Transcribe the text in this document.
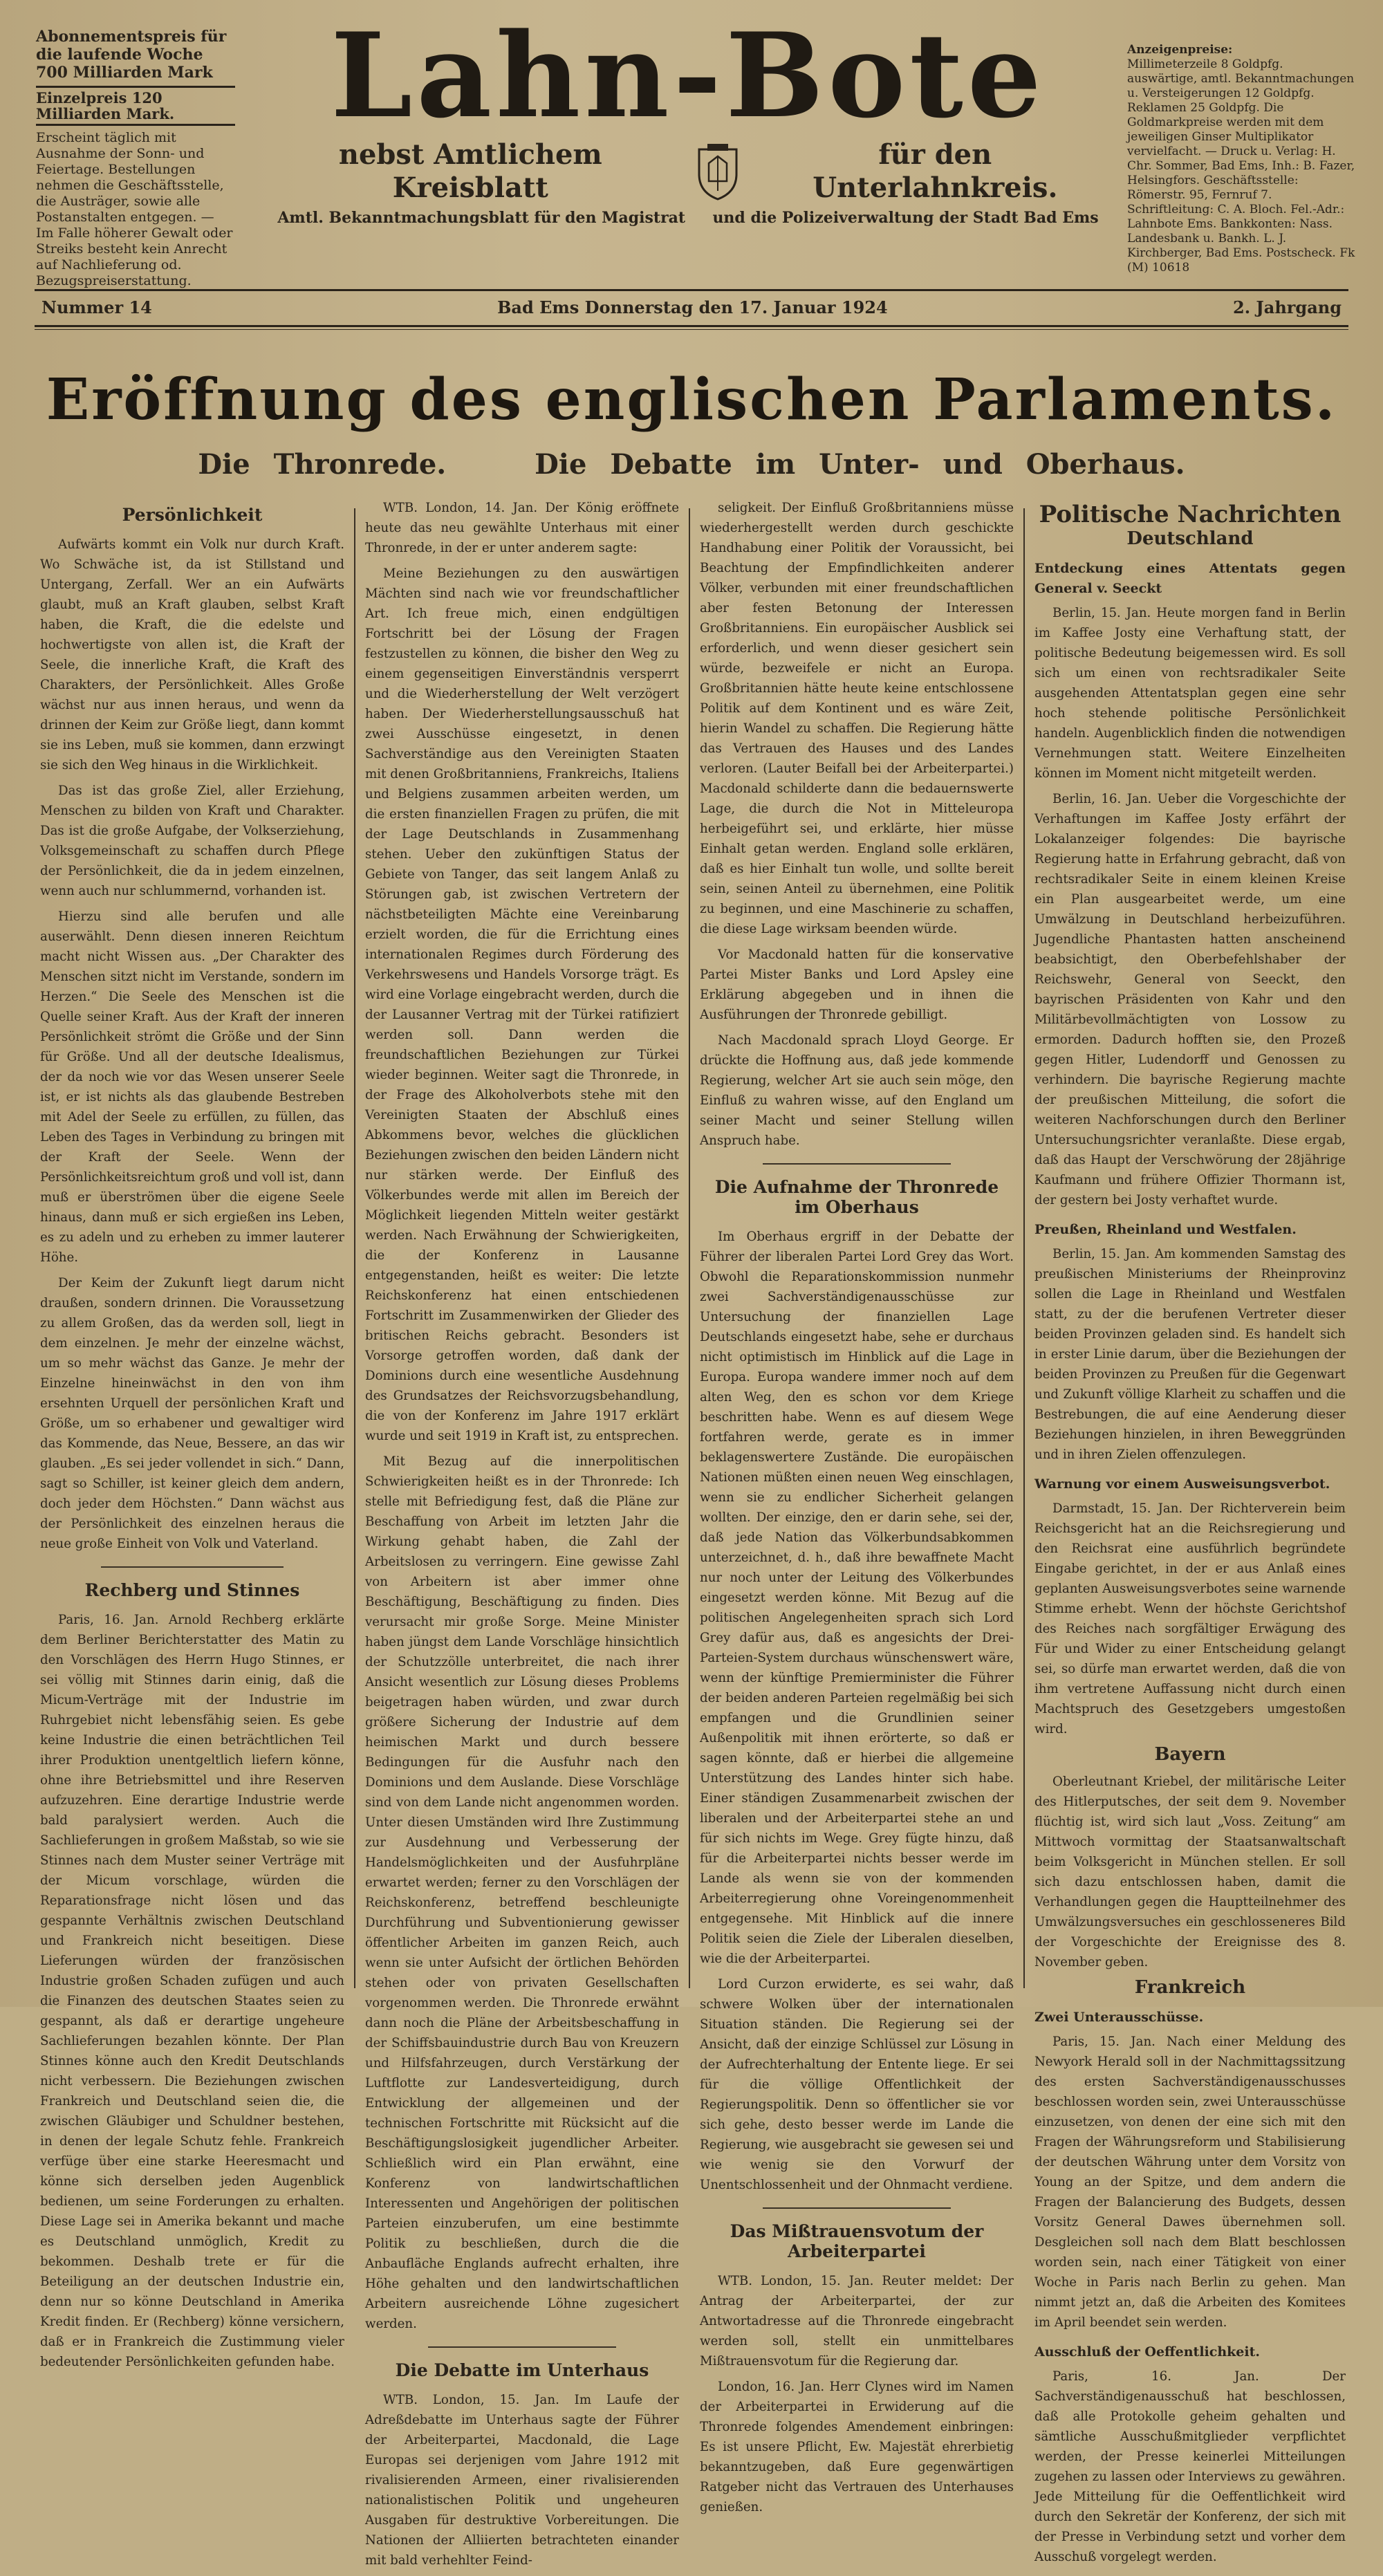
Abonnementspreis für die laufende Woche
700 Milliarden Mark
Einzelpreis 120 Milliarden Mark.
Erscheint täglich mit Ausnahme der Sonn- und Feiertage. Bestellungen nehmen die Geschäftsstelle, die Austräger, sowie alle Postanstalten entgegen. — Im Falle höherer Gewalt oder Streiks besteht kein Anrecht auf Nachlieferung od. Bezugspreiserstattung.
Lahn-Bote
nebst Amtlichem Kreisblatt
für den Unterlahnkreis.
Amtl. Bekanntmachungsblatt für den Magistrat und die Polizeiverwaltung der Stadt Bad Ems
Anzeigenpreise:
Millimeterzeile 8 Goldpfg. auswärtige, amtl. Bekanntmachungen u. Versteigerungen 12 Goldpfg. Reklamen 25 Goldpfg. Die Goldmarkpreise werden mit dem jeweiligen Ginser Multiplikator vervielfacht. — Druck u. Verlag: H. Chr. Sommer, Bad Ems, Inh.: B. Fazer, Helsingfors. Geschäftsstelle: Römerstr. 95, Fernruf 7. Schriftleitung: C. A. Bloch. Fel.-Adr.: Lahnbote Ems. Bankkonten: Nass. Landesbank u. Bankh. L. J. Kirchberger, Bad Ems. Postscheck. Fk (M) 10618
Nummer 14	Bad Ems Donnerstag den 17. Januar 1924	2. Jahrgang
Eröffnung des englischen Parlaments.
Die Thronrede.	Die Debatte im Unter- und Oberhaus.
Persönlichkeit

Aufwärts kommt ein Volk nur durch Kraft. Wo Schwäche ist, da ist Stillstand und Untergang, Zerfall. Wer an ein Aufwärts glaubt, muß an Kraft glauben, selbst Kraft haben, die Kraft, die die edelste und hochwertigste von allen ist, die Kraft der Seele, die innerliche Kraft, die Kraft des Charakters, der Persönlichkeit. Alles Große wächst nur aus innen heraus, und wenn da drinnen der Keim zur Größe liegt, dann kommt sie ins Leben, muß sie kommen, dann erzwingt sie sich den Weg hinaus in die Wirklichkeit.

Das ist das große Ziel, aller Erziehung, Menschen zu bilden von Kraft und Charakter. Das ist die große Aufgabe, der Volkserziehung, Volksgemeinschaft zu schaffen durch Pflege der Persönlichkeit, die da in jedem einzelnen, wenn auch nur schlummernd, vorhanden ist.

Hierzu sind alle berufen und alle auserwählt. Denn diesen inneren Reichtum macht nicht Wissen aus. „Der Charakter des Menschen sitzt nicht im Verstande, sondern im Herzen.“ Die Seele des Menschen ist die Quelle seiner Kraft. Aus der Kraft der inneren Persönlichkeit strömt die Größe und der Sinn für Größe. Und all der deutsche Idealismus, der da noch wie vor das Wesen unserer Seele ist, er ist nichts als das glaubende Bestreben mit Adel der Seele zu erfüllen, zu füllen, das Leben des Tages in Verbindung zu bringen mit der Kraft der Seele. Wenn der Persönlichkeitsreichtum groß und voll ist, dann muß er überströmen über die eigene Seele hinaus, dann muß er sich ergießen ins Leben, es zu adeln und zu erheben zu immer lauterer Höhe.

Der Keim der Zukunft liegt darum nicht draußen, sondern drinnen. Die Voraussetzung zu allem Großen, das da werden soll, liegt in dem einzelnen. Je mehr der einzelne wächst, um so mehr wächst das Ganze. Je mehr der Einzelne hineinwächst in den von ihm ersehnten Urquell der persönlichen Kraft und Größe, um so erhabener und gewaltiger wird das Kommende, das Neue, Bessere, an das wir glauben. „Es sei jeder vollendet in sich.“ Dann, sagt so Schiller, ist keiner gleich dem andern, doch jeder dem Höchsten.“ Dann wächst aus der Persönlichkeit des einzelnen heraus die neue große Einheit von Volk und Vaterland.

Rechberg und Stinnes

Paris, 16. Jan. Arnold Rechberg erklärte dem Berliner Berichterstatter des Matin zu den Vorschlägen des Herrn Hugo Stinnes, er sei völlig mit Stinnes darin einig, daß die Micum-Verträge mit der Industrie im Ruhrgebiet nicht lebensfähig seien. Es gebe keine Industrie die einen beträchtlichen Teil ihrer Produktion unentgeltlich liefern könne, ohne ihre Betriebsmittel und ihre Reserven aufzuzehren. Eine derartige Industrie werde bald paralysiert werden. Auch die Sachlieferungen in großem Maßstab, so wie sie Stinnes nach dem Muster seiner Verträge mit der Micum vorschlage, würden die Reparationsfrage nicht lösen und das gespannte Verhältnis zwischen Deutschland und Frankreich nicht beseitigen. Diese Lieferungen würden der französischen Industrie großen Schaden zufügen und auch die Finanzen des deutschen Staates seien zu gespannt, als daß er derartige ungeheure Sachlieferungen bezahlen könnte. Der Plan Stinnes könne auch den Kredit Deutschlands nicht verbessern. Die Beziehungen zwischen Frankreich und Deutschland seien die, die zwischen Gläubiger und Schuldner bestehen, in denen der legale Schutz fehle. Frankreich verfüge über eine starke Heeresmacht und könne sich derselben jeden Augenblick bedienen, um seine Forderungen zu erhalten. Diese Lage sei in Amerika bekannt und mache es Deutschland unmöglich, Kredit zu bekommen. Deshalb trete er für die Beteiligung an der deutschen Industrie ein, denn nur so könne Deutschland in Amerika Kredit finden. Er (Rechberg) könne versichern, daß er in Frankreich die Zustimmung vieler bedeutender Persönlichkeiten gefunden habe.

WTB. London, 14. Jan. Der König eröffnete heute das neu gewählte Unterhaus mit einer Thronrede, in der er unter anderem sagte:

Meine Beziehungen zu den auswärtigen Mächten sind nach wie vor freundschaftlicher Art. Ich freue mich, einen endgültigen Fortschritt bei der Lösung der Fragen festzustellen zu können, die bisher den Weg zu einem gegenseitigen Einverständnis versperrt und die Wiederherstellung der Welt verzögert haben. Der Wiederherstellungsausschuß hat zwei Ausschüsse eingesetzt, in denen Sachverständige aus den Vereinigten Staaten mit denen Großbritanniens, Frankreichs, Italiens und Belgiens zusammen arbeiten werden, um die ersten finanziellen Fragen zu prüfen, die mit der Lage Deutschlands in Zusammenhang stehen. Ueber den zukünftigen Status der Gebiete von Tanger, das seit langem Anlaß zu Störungen gab, ist zwischen Vertretern der nächstbeteiligten Mächte eine Vereinbarung erzielt worden, die für die Errichtung eines internationalen Regimes durch Förderung des Verkehrswesens und Handels Vorsorge trägt. Es wird eine Vorlage eingebracht werden, durch die der Lausanner Vertrag mit der Türkei ratifiziert werden soll. Dann werden die freundschaftlichen Beziehungen zur Türkei wieder beginnen. Weiter sagt die Thronrede, in der Frage des Alkoholverbots stehe mit den Vereinigten Staaten der Abschluß eines Abkommens bevor, welches die glücklichen Beziehungen zwischen den beiden Ländern nicht nur stärken werde. Der Einfluß des Völkerbundes werde mit allen im Bereich der Möglichkeit liegenden Mitteln weiter gestärkt werden. Nach Erwähnung der Schwierigkeiten, die der Konferenz in Lausanne entgegenstanden, heißt es weiter: Die letzte Reichskonferenz hat einen entschiedenen Fortschritt im Zusammenwirken der Glieder des britischen Reichs gebracht. Besonders ist Vorsorge getroffen worden, daß dank der Dominions durch eine wesentliche Ausdehnung des Grundsatzes der Reichsvorzugsbehandlung, die von der Konferenz im Jahre 1917 erklärt wurde und seit 1919 in Kraft ist, zu entsprechen.

Mit Bezug auf die innerpolitischen Schwierigkeiten heißt es in der Thronrede: Ich stelle mit Befriedigung fest, daß die Pläne zur Beschaffung von Arbeit im letzten Jahr die Wirkung gehabt haben, die Zahl der Arbeitslosen zu verringern. Eine gewisse Zahl von Arbeitern ist aber immer ohne Beschäftigung, Beschäftigung zu finden. Dies verursacht mir große Sorge. Meine Minister haben jüngst dem Lande Vorschläge hinsichtlich der Schutzzölle unterbreitet, die nach ihrer Ansicht wesentlich zur Lösung dieses Problems beigetragen haben würden, und zwar durch größere Sicherung der Industrie auf dem heimischen Markt und durch bessere Bedingungen für die Ausfuhr nach den Dominions und dem Auslande. Diese Vorschläge sind von dem Lande nicht angenommen worden. Unter diesen Umständen wird Ihre Zustimmung zur Ausdehnung und Verbesserung der Handelsmöglichkeiten und der Ausfuhrpläne erwartet werden; ferner zu den Vorschlägen der Reichskonferenz, betreffend beschleunigte Durchführung und Subventionierung gewisser öffentlicher Arbeiten im ganzen Reich, auch wenn sie unter Aufsicht der örtlichen Behörden stehen oder von privaten Gesellschaften vorgenommen werden. Die Thronrede erwähnt dann noch die Pläne der Arbeitsbeschaffung in der Schiffsbauindustrie durch Bau von Kreuzern und Hilfsfahrzeugen, durch Verstärkung der Luftflotte zur Landesverteidigung, durch Entwicklung der allgemeinen und der technischen Fortschritte mit Rücksicht auf die Beschäftigungslosigkeit jugendlicher Arbeiter. Schließlich wird ein Plan erwähnt, eine Konferenz von landwirtschaftlichen Interessenten und Angehörigen der politischen Parteien einzuberufen, um eine bestimmte Politik zu beschließen, durch die die Anbaufläche Englands aufrecht erhalten, ihre Höhe gehalten und den landwirtschaftlichen Arbeitern ausreichende Löhne zugesichert werden.

Die Debatte im Unterhaus

WTB. London, 15. Jan. Im Laufe der Adreßdebatte im Unterhaus sagte der Führer der Arbeiterpartei, Macdonald, die Lage Europas sei derjenigen vom Jahre 1912 mit rivalisierenden Armeen, einer rivalisierenden nationalistischen Politik und ungeheuren Ausgaben für destruktive Vorbereitungen. Die Nationen der Alliierten betrachteten einander mit bald verhehlter Feind-

seligkeit. Der Einfluß Großbritanniens müsse wiederhergestellt werden durch geschickte Handhabung einer Politik der Voraussicht, bei Beachtung der Empfindlichkeiten anderer Völker, verbunden mit einer freundschaftlichen aber festen Betonung der Interessen Großbritanniens. Ein europäischer Ausblick sei erforderlich, und wenn dieser gesichert sein würde, bezweifele er nicht an Europa. Großbritannien hätte heute keine entschlossene Politik auf dem Kontinent und es wäre Zeit, hierin Wandel zu schaffen. Die Regierung hätte das Vertrauen des Hauses und des Landes verloren. (Lauter Beifall bei der Arbeiterpartei.) Macdonald schilderte dann die bedauernswerte Lage, die durch die Not in Mitteleuropa herbeigeführt sei, und erklärte, hier müsse Einhalt getan werden. England solle erklären, daß es hier Einhalt tun wolle, und sollte bereit sein, seinen Anteil zu übernehmen, eine Politik zu beginnen, und eine Maschinerie zu schaffen, die diese Lage wirksam beenden würde.

Vor Macdonald hatten für die konservative Partei Mister Banks und Lord Apsley eine Erklärung abgegeben und in ihnen die Ausführungen der Thronrede gebilligt.

Nach Macdonald sprach Lloyd George. Er drückte die Hoffnung aus, daß jede kommende Regierung, welcher Art sie auch sein möge, den Einfluß zu wahren wisse, auf den England um seiner Macht und seiner Stellung willen Anspruch habe.

Die Aufnahme der Thronrede im Oberhaus

Im Oberhaus ergriff in der Debatte der Führer der liberalen Partei Lord Grey das Wort. Obwohl die Reparationskommission nunmehr zwei Sachverständigenausschüsse zur Untersuchung der finanziellen Lage Deutschlands eingesetzt habe, sehe er durchaus nicht optimistisch im Hinblick auf die Lage in Europa. Europa wandere immer noch auf dem alten Weg, den es schon vor dem Kriege beschritten habe. Wenn es auf diesem Wege fortfahren werde, gerate es in immer beklagenswertere Zustände. Die europäischen Nationen müßten einen neuen Weg einschlagen, wenn sie zu endlicher Sicherheit gelangen wollten. Der einzige, den er darin sehe, sei der, daß jede Nation das Völkerbundsabkommen unterzeichnet, d. h., daß ihre bewaffnete Macht nur noch unter der Leitung des Völkerbundes eingesetzt werden könne. Mit Bezug auf die politischen Angelegenheiten sprach sich Lord Grey dafür aus, daß es angesichts der Drei-Parteien-System durchaus wünschenswert wäre, wenn der künftige Premierminister die Führer der beiden anderen Parteien regelmäßig bei sich empfangen und die Grundlinien seiner Außenpolitik mit ihnen erörterte, so daß er sagen könnte, daß er hierbei die allgemeine Unterstützung des Landes hinter sich habe. Einer ständigen Zusammenarbeit zwischen der liberalen und der Arbeiterpartei stehe an und für sich nichts im Wege. Grey fügte hinzu, daß für die Arbeiterpartei nichts besser werde im Lande als wenn sie von der kommenden Arbeiterregierung ohne Voreingenommenheit entgegensehe. Mit Hinblick auf die innere Politik seien die Ziele der Liberalen dieselben, wie die der Arbeiterpartei.

Lord Curzon erwiderte, es sei wahr, daß schwere Wolken über der internationalen Situation ständen. Die Regierung sei der Ansicht, daß der einzige Schlüssel zur Lösung in der Aufrechterhaltung der Entente liege. Er sei für die völlige Offentlichkeit der Regierungspolitik. Denn so öffentlicher sie vor sich gehe, desto besser werde im Lande die Regierung, wie ausgebracht sie gewesen sei und wie wenig sie den Vorwurf der Unentschlossenheit und der Ohnmacht verdiene.

Das Mißtrauensvotum der Arbeiterpartei

WTB. London, 15. Jan. Reuter meldet: Der Antrag der Arbeiterpartei, der zur Antwortadresse auf die Thronrede eingebracht werden soll, stellt ein unmittelbares Mißtrauensvotum für die Regierung dar.

London, 16. Jan. Herr Clynes wird im Namen der Arbeiterpartei in Erwiderung auf die Thronrede folgendes Amendement einbringen: Es ist unsere Pflicht, Ew. Majestät ehrerbietig bekanntzugeben, daß Eure gegenwärtigen Ratgeber nicht das Vertrauen des Unterhauses genießen.

Politische Nachrichten
Deutschland
Entdeckung eines Attentats gegen General v. Seeckt

Berlin, 15. Jan. Heute morgen fand in Berlin im Kaffee Josty eine Verhaftung statt, der politische Bedeutung beigemessen wird. Es soll sich um einen von rechtsradikaler Seite ausgehenden Attentatsplan gegen eine sehr hoch stehende politische Persönlichkeit handeln. Augenblicklich finden die notwendigen Vernehmungen statt. Weitere Einzelheiten können im Moment nicht mitgeteilt werden.

Berlin, 16. Jan. Ueber die Vorgeschichte der Verhaftungen im Kaffee Josty erfährt der Lokalanzeiger folgendes: Die bayrische Regierung hatte in Erfahrung gebracht, daß von rechtsradikaler Seite in einem kleinen Kreise ein Plan ausgearbeitet werde, um eine Umwälzung in Deutschland herbeizuführen. Jugendliche Phantasten hatten anscheinend beabsichtigt, den Oberbefehlshaber der Reichswehr, General von Seeckt, den bayrischen Präsidenten von Kahr und den Militärbevollmächtigten von Lossow zu ermorden. Dadurch hofften sie, den Prozeß gegen Hitler, Ludendorff und Genossen zu verhindern. Die bayrische Regierung machte der preußischen Mitteilung, die sofort die weiteren Nachforschungen durch den Berliner Untersuchungsrichter veranlaßte. Diese ergab, daß das Haupt der Verschwörung der 28jährige Kaufmann und frühere Offizier Thormann ist, der gestern bei Josty verhaftet wurde.

Preußen, Rheinland und Westfalen.

Berlin, 15. Jan. Am kommenden Samstag des preußischen Ministeriums der Rheinprovinz sollen die Lage in Rheinland und Westfalen statt, zu der die berufenen Vertreter dieser beiden Provinzen geladen sind. Es handelt sich in erster Linie darum, über die Beziehungen der beiden Provinzen zu Preußen für die Gegenwart und Zukunft völlige Klarheit zu schaffen und die Bestrebungen, die auf eine Aenderung dieser Beziehungen hinzielen, in ihren Beweggründen und in ihren Zielen offenzulegen.

Warnung vor einem Ausweisungsverbot.

Darmstadt, 15. Jan. Der Richterverein beim Reichsgericht hat an die Reichsregierung und den Reichsrat eine ausführlich begründete Eingabe gerichtet, in der er aus Anlaß eines geplanten Ausweisungsverbotes seine warnende Stimme erhebt. Wenn der höchste Gerichtshof des Reiches nach sorgfältiger Erwägung des Für und Wider zu einer Entscheidung gelangt sei, so dürfe man erwartet werden, daß die von ihm vertretene Auffassung nicht durch einen Machtspruch des Gesetzgebers umgestoßen wird.

Bayern

Oberleutnant Kriebel, der militärische Leiter des Hitlerputsches, der seit dem 9. November flüchtig ist, wird sich laut „Voss. Zeitung“ am Mittwoch vormittag der Staatsanwaltschaft beim Volksgericht in München stellen. Er soll sich dazu entschlossen haben, damit die Verhandlungen gegen die Hauptteilnehmer des Umwälzungsversuches ein geschlosseneres Bild der Vorgeschichte der Ereignisse des 8. November geben.

Frankreich
Zwei Unterausschüsse.

Paris, 15. Jan. Nach einer Meldung des Newyork Herald soll in der Nachmittagssitzung des ersten Sachverständigenausschusses beschlossen worden sein, zwei Unterausschüsse einzusetzen, von denen der eine sich mit den Fragen der Währungsreform und Stabilisierung der deutschen Währung unter dem Vorsitz von Young an der Spitze, und dem andern die Fragen der Balancierung des Budgets, dessen Vorsitz General Dawes übernehmen soll. Desgleichen soll nach dem Blatt beschlossen worden sein, nach einer Tätigkeit von einer Woche in Paris nach Berlin zu gehen. Man nimmt jetzt an, daß die Arbeiten des Komitees im April beendet sein werden.

Ausschluß der Oeffentlichkeit.

Paris, 16. Jan. Der Sachverständigenausschuß hat beschlossen, daß alle Protokolle geheim gehalten und sämtliche Ausschußmitglieder verpflichtet werden, der Presse keinerlei Mitteilungen zugehen zu lassen oder Interviews zu gewähren. Jede Mitteilung für die Oeffentlichkeit wird durch den Sekretär der Konferenz, der sich mit der Presse in Verbindung setzt und vorher dem Ausschuß vorgelegt werden.
